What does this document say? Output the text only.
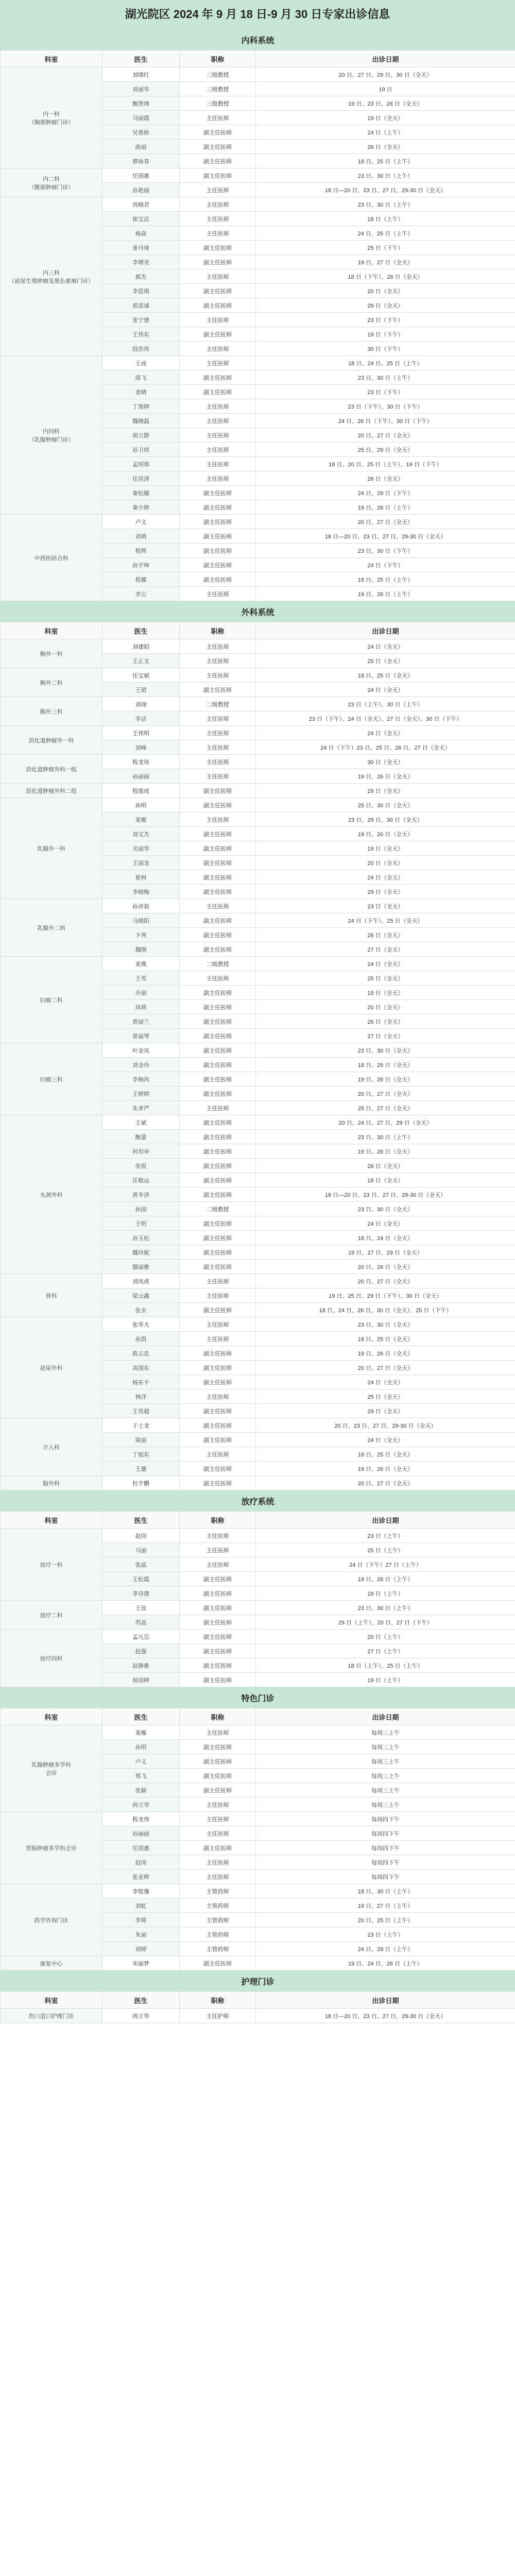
湖光院区 2024 年 9 月 18 日-9 月 30 日专家出诊信息
内科系统			
科室	医生	职称	出诊日期

内一科
（胸部肿瘤门诊）	刘绪红	三级教授	20 日、27 日、29 日、30 日（全天）
	刘丽华	三级教授	19 日
	鲍智烽	三级教授	19 日、23 日、26 日（全天）
	马丽霞	主任医师	19 日（全天）
	吴香娇	副主任医师	24 日（上午）
	曲丽	副主任医师	26 日（全天）
	蔡咏春	副主任医师	18 日、25 日（上午）

内二科
（腹部肿瘤门诊）	任国惠	副主任医师	23 日、30 日（上午）
	孙艳丽	主任医师	18 日—20 日、23 日、27 日、29-30 日（全天）

内三科
（泌尿生殖肿瘤及黑色素瘤门诊）	周晓君	主任医师	23 日、30 日（上午）
	崔宝洁	主任医师	18 日（上午）
	杨焱	主任医师	24 日、25 日（上午）
	姜丹琦	副主任医师	25 日（下午）
	李增美	副主任医师	19 日、27 日（全天）
	郝杰	主任医师	18 日（下午）、26 日（全天）
	李思琪	副主任医师	20 日（全天）
	郭思诚	副主任医师	29 日（全天）
	张宁德	主任医师	23 日（下午）
	王伟东	副主任医师	19 日（下午）
	段浩伟	主任医师	30 日（下午）

内四科
（乳腺肿瘤门诊）	王成	主任医师	18 日、24 日、25 日（上午）
	邵飞	副主任医师	23 日、30 日（上午）
	姜晴	副主任医师	23 日（下午）
	丁海婷	主任医师	23 日（下午）、30 日（下午）
	魏晓磊	主任医师	24 日、26 日（下午）、30 日（下午）
	胡立群	主任医师	20 日、27 日（全天）
	孙卫炜	主任医师	25 日、29 日（全天）
	孟绍琪	主任医师	18 日、20 日、25 日（上午）、19 日（下午）
	任洪涛	主任医师	26 日（全天）
	秦松娜	副主任医师	24 日、29 日（下午）
	秦少婷	副主任医师	19 日、26 日（上午）

中西医结合科	卢义	副主任医师	20 日、27 日（全天）
	刘萌	副主任医师	18 日—20 日、23 日、27 日、29-30 日（全天）
	程辉	副主任医师	23 日、30 日（下午）
	孙宇坤	副主任医师	24 日（下午）
	程娜	副主任医师	18 日、25 日（上午）
	李公	主任医师	19 日、26 日（上午）
外科系统			
科室	医生	职称	出诊日期

胸外一科	刘建昭	主任医师	24 日（全天）
	王正文	主任医师	25 日（全天）

胸外二科	任宝斌	主任医师	18 日、25 日（全天）
	王珺	副主任医师	24 日（全天）

胸外三科	刘翊	二级教授	23 日（上午）、30 日（上午）
	李洁	主任医师	23 日（下午）、24 日（全天）、27 日（全天）、30 日（下午）

消化道肿瘤外一科	王伟明	主任医师	24 日（全天）
	刘峰	主任医师	24 日（下午）23 日、25 日、26 日、27 日（全天）

消化道肿瘤外科一组	程龙伟	主任医师	30 日（全天）
	孙丽丽	主任医师	19 日、26 日（全天）

消化道肿瘤外科二组	程莲成	副主任医师	29 日（全天）

乳腺外一科	孙明	副主任医师	25 日、30 日（全天）
	姜雁	主任医师	23 日、29 日、30 日（全天）
	刘文杰	副主任医师	19 日、20 日（全天）
	关丽华	副主任医师	19 日（全天）
	王国龙	副主任医师	20 日（全天）
	崔柯	副主任医师	24 日（全天）
	李晓梅	副主任医师	29 日（全天）

乳腺外二科	孙彦茹	主任医师	23 日（全天）
	马晓阳	副主任医师	24 日（下午）、25 日（全天）
	卞秀	副主任医师	26 日（全天）
	魏刚	副主任医师	27 日（全天）

妇瘤二科	姜燕	二级教授	24 日（全天）
	王雪	主任医师	25 日（全天）
	乔丽	副主任医师	19 日（全天）
	周莉	副主任医师	20 日（全天）
	黄丽兰	副主任医师	26 日（全天）
	常丽琴	副主任医师	27 日（全天）

妇瘤三科	叶金凤	副主任医师	23 日、30 日（全天）
	刘金玲	副主任医师	18 日、25 日（全天）
	李梅风	副主任医师	19 日、26 日（全天）
	王婷婷	副主任医师	20 日、27 日（全天）
	朱孝严	主任医师	25 日、27 日（全天）

头颈外科	王斌	副主任医师	20 日、24 日、27 日、29 日（全天）
	鲍蕾	副主任医师	23 日、30 日（上午）
	何坦亭	副主任医师	19 日、26 日（全天）
	张锐	副主任医师	26 日（全天）
	任敬远	副主任医师	18 日（全天）
	黄冬泽	副主任医师	18 日—20 日、23 日、27 日、29-30 日（全天）
	孙国	二级教授	23 日、30 日（全天）
	王明	副主任医师	24 日（全天）
	孙玉松	副主任医师	18 日、24 日（全天）
	魏玲妮	副主任医师	19 日、27 日、29 日（全天）
	滕丽雅	副主任医师	20 日、26 日（全天）

骨科	刘凤虎	主任医师	20 日、27 日（全天）
	梁云鑫	主任医师	19 日、25 日、29 日（下午）、30 日（全天）
	张永	副主任医师	18 日、24 日、26 日、30 日（全天）、25 日（下午）

泌尿外科	张华夫	主任医师	23 日、30 日（全天）
	孙凯	主任医师	18 日、25 日（全天）
	陈云忠	副主任医师	19 日、26 日（全天）
	高国东	副主任医师	20 日、27 日（全天）
	杨东平	副主任医师	24 日（全天）
	林洋	主任医师	25 日（全天）
	王英超	副主任医师	29 日（全天）

介入科	于士龙	副主任医师	20 日、23 日、27 日、29-30 日（全天）
	梁丽	副主任医师	24 日（全天）
	丁旭东	主任医师	18 日、25 日（全天）
	王雄	副主任医师	19 日、26 日（全天）

脑外科	杜宇鹏	副主任医师	20 日、27 日（全天）
放疗系统			
科室	医生	职称	出诊日期

放疗一科	赵闵	主任医师	23 日（上午）
	马丽	主任医师	25 日（上午）
	张晶	主任医师	24 日（下午）27 日（上午）
	王松霞	副主任医师	19 日、26 日（上午）
	李诗倩	副主任医师	18 日（上午）

放疗二科	王汝	副主任医师	23 日、30 日（上午）
	苏晶	副主任医师	29 日（上午）、20 日、27 日（下午）

放疗四科	孟凡岳	副主任医师	20 日（上午）
	赵强	副主任医师	27 日（上午）
	赵静雅	副主任医师	18 日（上午）、25 日（上午）
	侯雨婷	副主任医师	19 日（上午）
特色门诊			
科室	医生	职称	出诊日期

乳腺肿瘤多学科
会诊	姜雁	主任医师	每周三上午
	孙明	副主任医师	每周三上午
	卢义	副主任医师	每周三上午
	郑飞	副主任医师	每周三上午
	张颖	副主任医师	每周三上午
	尚立华	主任医师	每周三上午

胃肠肿瘤多学科会诊	程龙伟	主任医师	每周四下午
	孙丽丽	主任医师	每周四下午
	任国惠	副主任医师	每周四下午
	赵闵	主任医师	每周四下午
	张亚辉	主任医师	每周四下午

药学咨询门诊	李铭豫	主管药师	18 日、30 日（上午）
	刘虹	主管药师	19 日、27 日（上午）
	李莉	主管药师	20 日、25 日（上午）
	朱丽	主管药师	23 日（上午）
	刘婷	主管药师	24 日、29 日（上午）

康复中心	宋丽梦	副主任医师	19 日、24 日、26 日（上午）
护理门诊			
科室	医生	职称	出诊日期

伤口造口护理门诊	尚立华	主任护师	18 日—20 日、23 日、27 日、29-30 日（全天）
